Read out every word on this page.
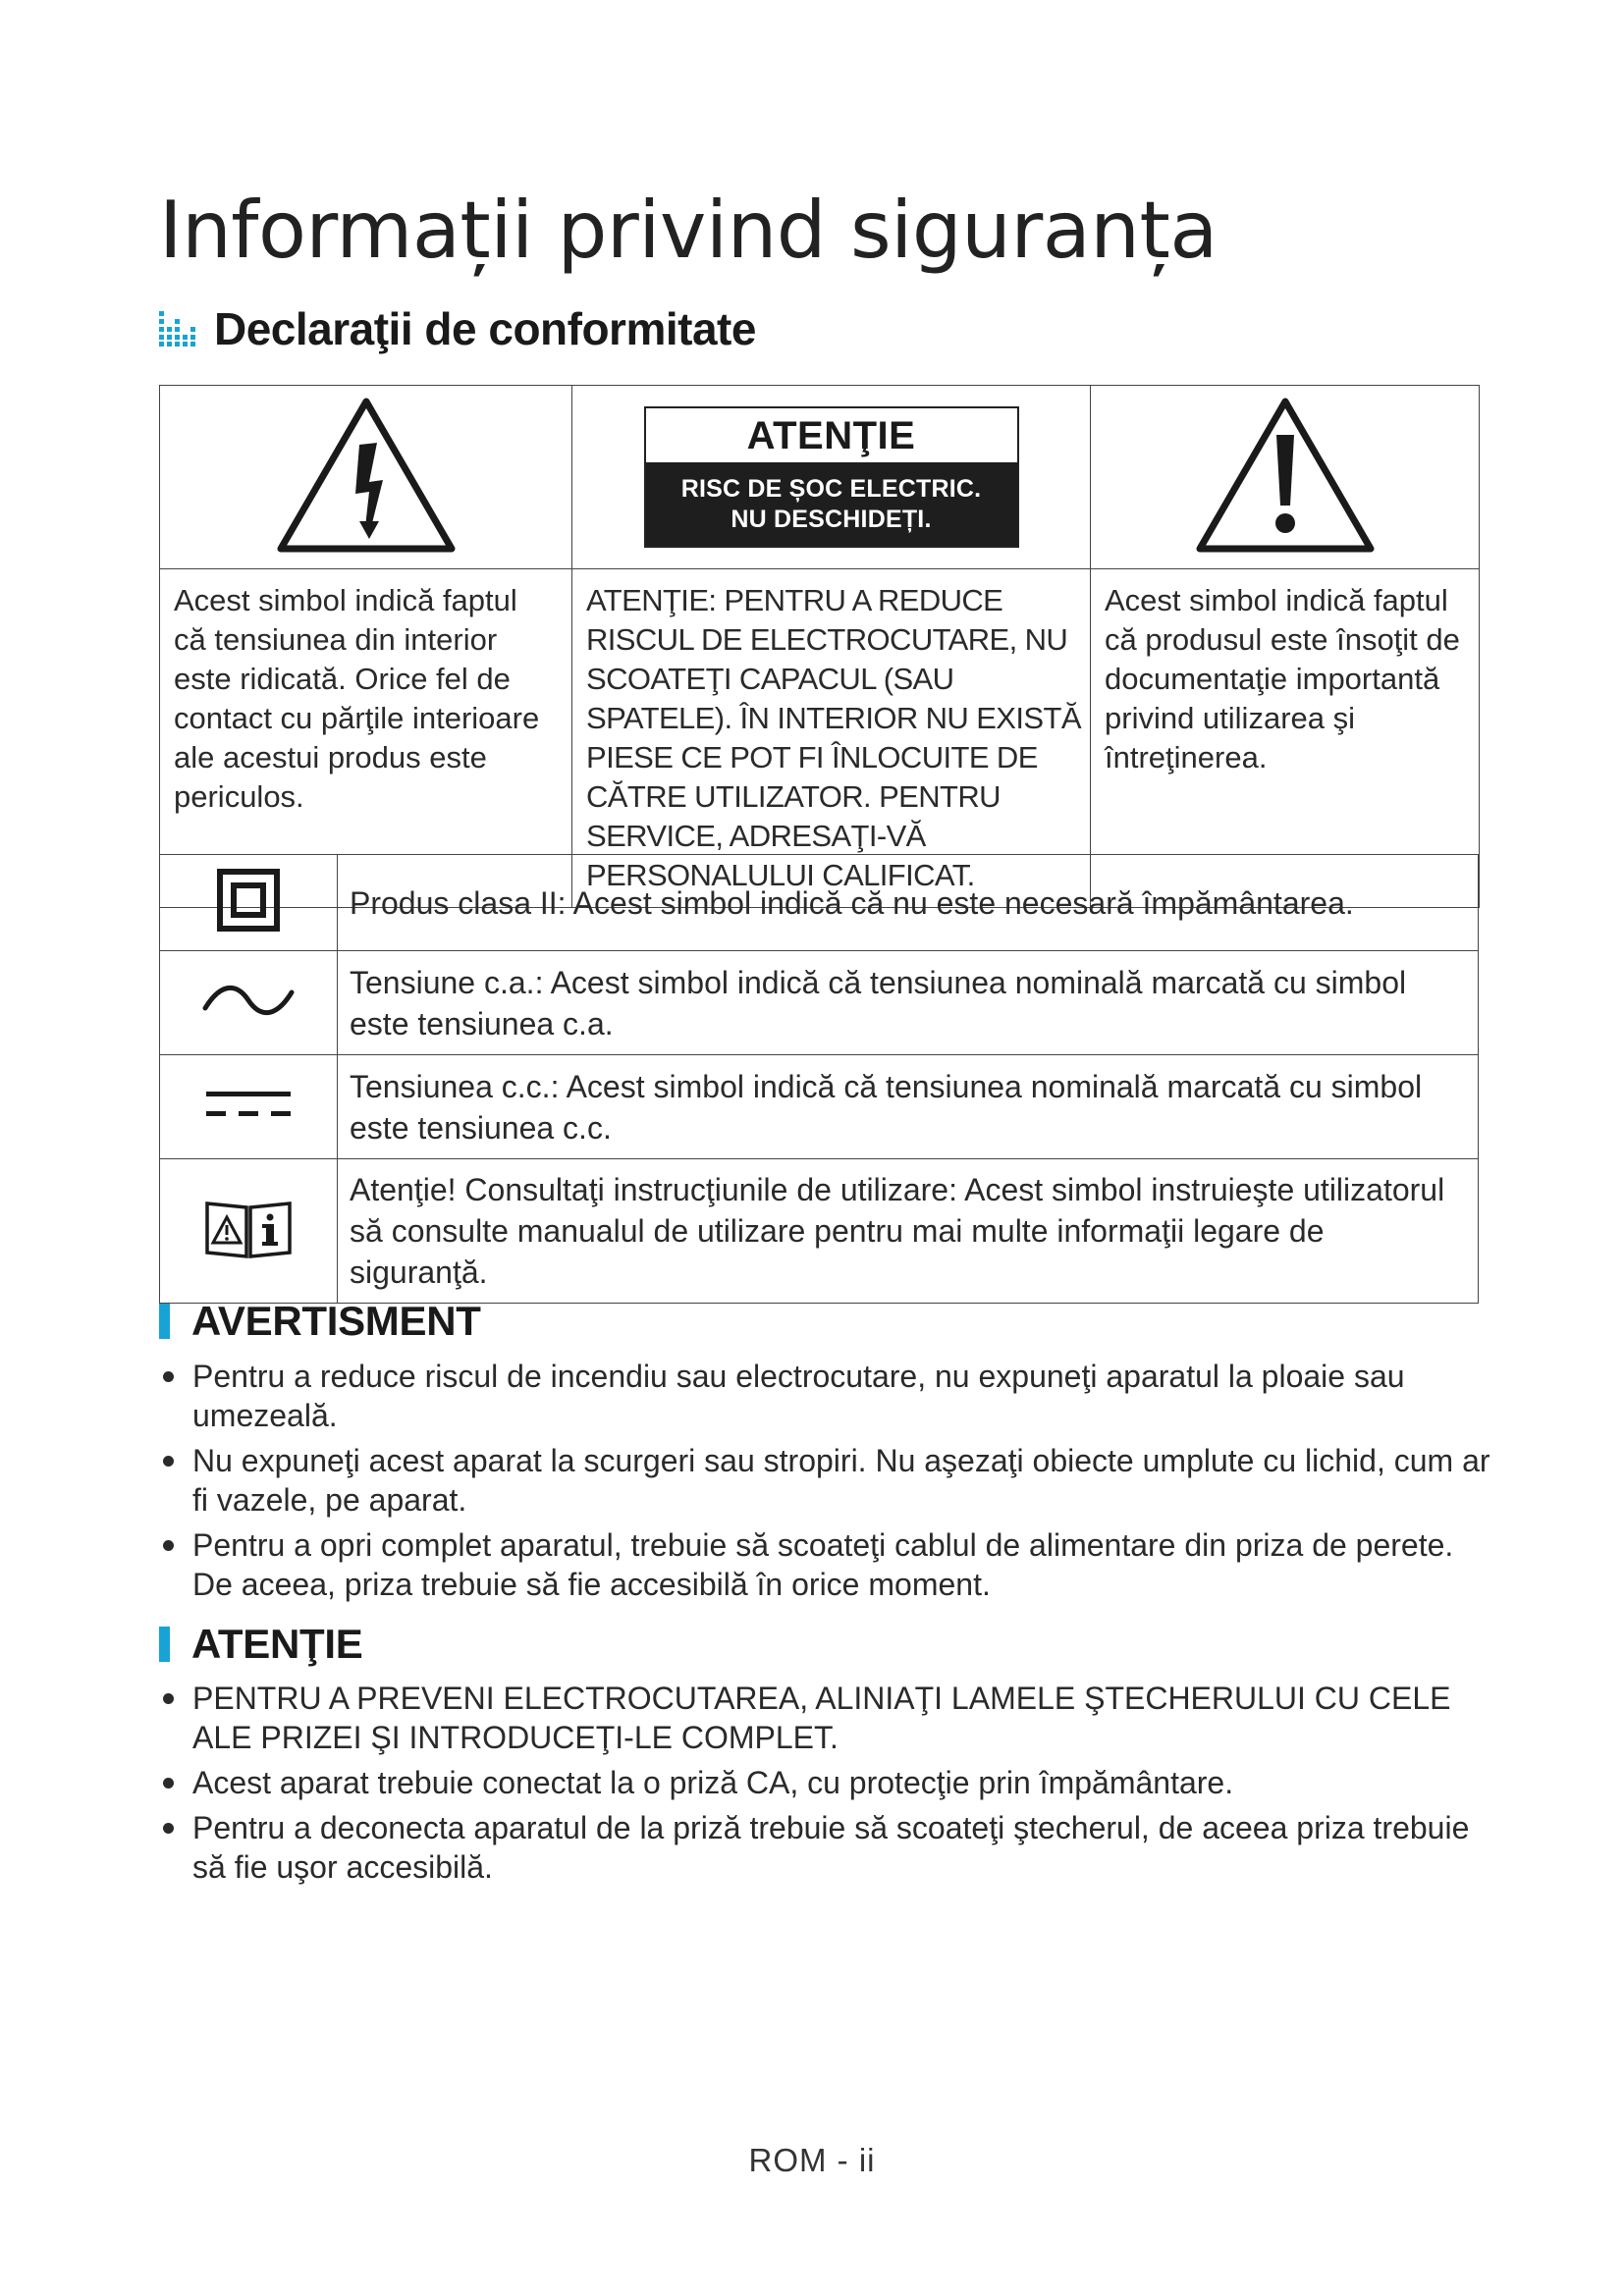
Informații privind siguranța
Declaraţii de conformitate

ATENŢIE
RISC DE ȘOC ELECTRIC.
NU DESCHIDEȚI.

Acest simbol indică faptul că tensiunea din interior este ridicată. Orice fel de contact cu părţile interioare ale acestui produs este periculos.	ATENŢIE: PENTRU A REDUCE RISCUL DE ELECTROCUTARE, NU SCOATEŢI CAPACUL (SAU SPATELE). ÎN INTERIOR NU EXISTĂ PIESE CE POT FI ÎNLOCUITE DE CĂTRE UTILIZATOR. PENTRU SERVICE, ADRESAŢI-VĂ PERSONALULUI CALIFICAT.	Acest simbol indică faptul că produsul este însoţit de documentaţie importantă privind utilizarea şi întreţinerea.
	Produs clasa II: Acest simbol indică că nu este necesară împământarea.
	Tensiune c.a.: Acest simbol indică că tensiunea nominală marcată cu simbol este tensiunea c.a.
	Tensiunea c.c.: Acest simbol indică că tensiunea nominală marcată cu simbol este tensiunea c.c.
	Atenţie! Consultaţi instrucţiunile de utilizare: Acest simbol instruieşte utilizatorul să consulte manualul de utilizare pentru mai multe informaţii legare de siguranţă.
AVERTISMENT
Pentru a reduce riscul de incendiu sau electrocutare, nu expuneţi aparatul la ploaie sau umezeală.
Nu expuneţi acest aparat la scurgeri sau stropiri. Nu aşezaţi obiecte umplute cu lichid, cum ar fi vazele, pe aparat.
Pentru a opri complet aparatul, trebuie să scoateţi cablul de alimentare din priza de perete. De aceea, priza trebuie să fie accesibilă în orice moment.
ATENŢIE
PENTRU A PREVENI ELECTROCUTAREA, ALINIAŢI LAMELE ŞTECHERULUI CU CELE ALE PRIZEI ŞI INTRODUCEŢI-LE COMPLET.
Acest aparat trebuie conectat la o priză CA, cu protecţie prin împământare.
Pentru a deconecta aparatul de la priză trebuie să scoateţi ştecherul, de aceea priza trebuie să fie uşor accesibilă.
ROM - ii
